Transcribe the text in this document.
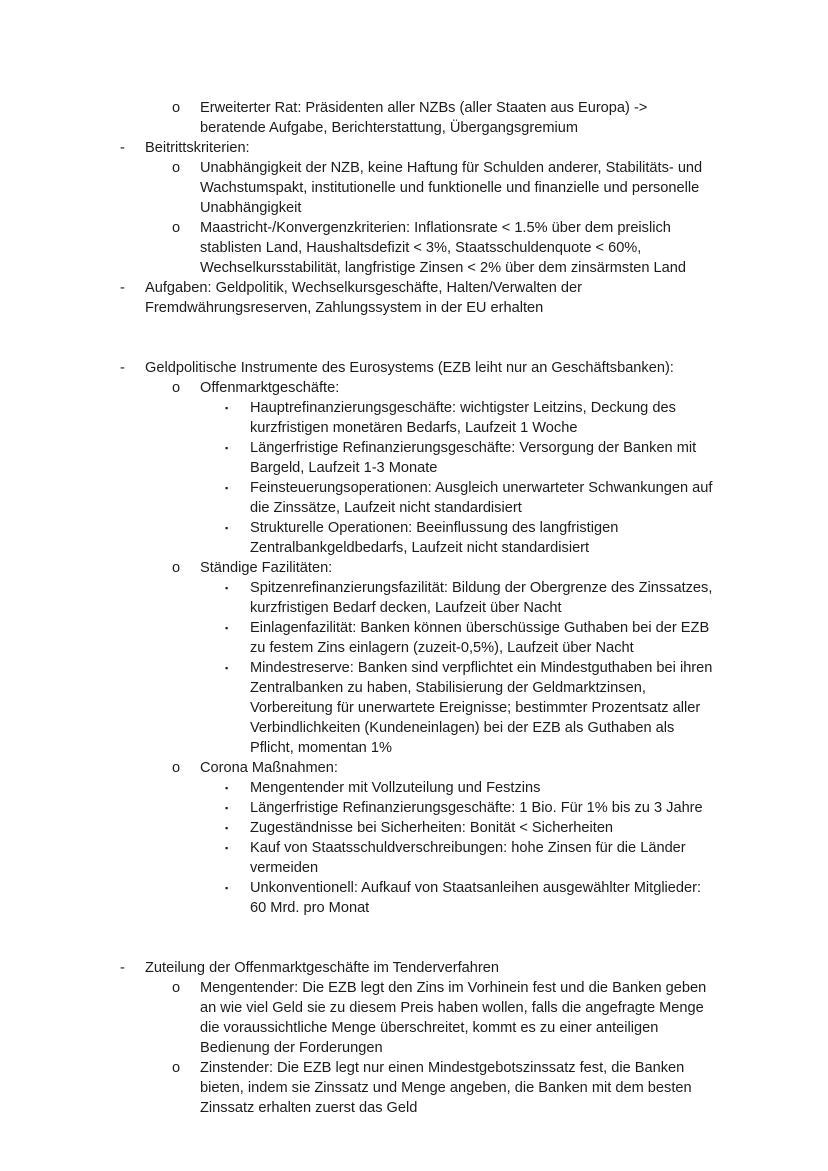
o	Erweiterter Rat: Präsidenten aller NZBs (aller Staaten aus Europa) -> beratende Aufgabe, Berichterstattung, Übergangsgremium
-	Beitrittskriterien:
o	Unabhängigkeit der NZB, keine Haftung für Schulden anderer, Stabilitäts- und Wachstumspakt, institutionelle und funktionelle und finanzielle und personelle Unabhängigkeit
o	Maastricht-/Konvergenzkriterien: Inflationsrate < 1.5% über dem preislich stablisten Land, Haushaltsdefizit < 3%, Staatsschuldenquote < 60%, Wechselkursstabilität, langfristige Zinsen < 2% über dem zinsärmsten Land
-	Aufgaben: Geldpolitik, Wechselkursgeschäfte, Halten/Verwalten der Fremdwährungsreserven, Zahlungssystem in der EU erhalten
-	Geldpolitische Instrumente des Eurosystems (EZB leiht nur an Geschäftsbanken):
o	Offenmarktgeschäfte:
▪	Hauptrefinanzierungsgeschäfte: wichtigster Leitzins, Deckung des kurzfristigen monetären Bedarfs, Laufzeit 1 Woche
▪	Längerfristige Refinanzierungsgeschäfte: Versorgung der Banken mit Bargeld, Laufzeit 1-3 Monate
▪	Feinsteuerungsoperationen: Ausgleich unerwarteter Schwankungen auf die Zinssätze, Laufzeit nicht standardisiert
▪	Strukturelle Operationen: Beeinflussung des langfristigen Zentralbankgeldbedarfs, Laufzeit nicht standardisiert
o	Ständige Fazilitäten:
▪	Spitzenrefinanzierungsfazilität: Bildung der Obergrenze des Zinssatzes, kurzfristigen Bedarf decken, Laufzeit über Nacht
▪	Einlagenfazilität: Banken können überschüssige Guthaben bei der EZB zu festem Zins einlagern (zuzeit-0,5%), Laufzeit über Nacht
▪	Mindestreserve: Banken sind verpflichtet ein Mindestguthaben bei ihren Zentralbanken zu haben, Stabilisierung der Geldmarktzinsen, Vorbereitung für unerwartete Ereignisse; bestimmter Prozentsatz aller Verbindlichkeiten (Kundeneinlagen) bei der EZB als Guthaben als Pflicht, momentan 1%
o	Corona Maßnahmen:
▪	Mengentender mit Vollzuteilung und Festzins
▪	Längerfristige Refinanzierungsgeschäfte: 1 Bio. Für 1% bis zu 3 Jahre
▪	Zugeständnisse bei Sicherheiten: Bonität < Sicherheiten
▪	Kauf von Staatsschuldverschreibungen: hohe Zinsen für die Länder vermeiden
▪	Unkonventionell: Aufkauf von Staatsanleihen ausgewählter Mitglieder: 60 Mrd. pro Monat
-	Zuteilung der Offenmarktgeschäfte im Tenderverfahren
o	Mengentender: Die EZB legt den Zins im Vorhinein fest und die Banken geben an wie viel Geld sie zu diesem Preis haben wollen, falls die angefragte Menge die voraussichtliche Menge überschreitet, kommt es zu einer anteiligen Bedienung der Forderungen
o	Zinstender: Die EZB legt nur einen Mindestgebotszinssatz fest, die Banken bieten, indem sie Zinssatz und Menge angeben, die Banken mit dem besten Zinssatz erhalten zuerst das Geld
